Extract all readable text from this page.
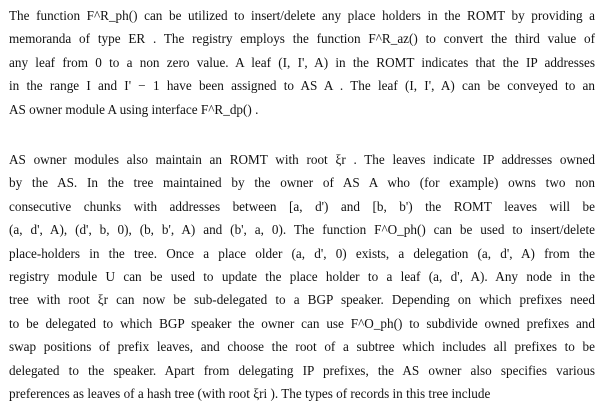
The function F^R_ph() can be utilized to insert/delete any place holders in the ROMT by providing a
memoranda of type ER . The registry employs the function F^R_az() to convert the third value of
any leaf from 0 to a non zero value. A leaf (I, I', A) in the ROMT indicates that the IP addresses
in the range I and I' − 1 have been assigned to AS A . The leaf (I, I', A) can be conveyed to an
AS owner module A using interface F^R_dp() .
AS owner modules also maintain an ROMT with root ξr . The leaves indicate IP addresses owned
by the AS. In the tree maintained by the owner of AS A who (for example) owns two non
consecutive chunks with addresses between [a, d') and [b, b') the ROMT leaves will be
(a, d', A), (d', b, 0), (b, b', A) and (b', a, 0). The function F^O_ph() can be used to insert/delete
place-holders in the tree. Once a place older (a, d', 0) exists, a delegation (a, d', A) from the
registry module U can be used to update the place holder to a leaf (a, d', A). Any node in the
tree with root ξr can now be sub-delegated to a BGP speaker. Depending on which prefixes need
to be delegated to which BGP speaker the owner can use F^O_ph() to subdivide owned prefixes and
swap positions of prefix leaves, and choose the root of a subtree which includes all prefixes to be
delegated to the speaker. Apart from delegating IP prefixes, the AS owner also specifies various
preferences as leaves of a hash tree (with root ξri ). The types of records in this tree include
